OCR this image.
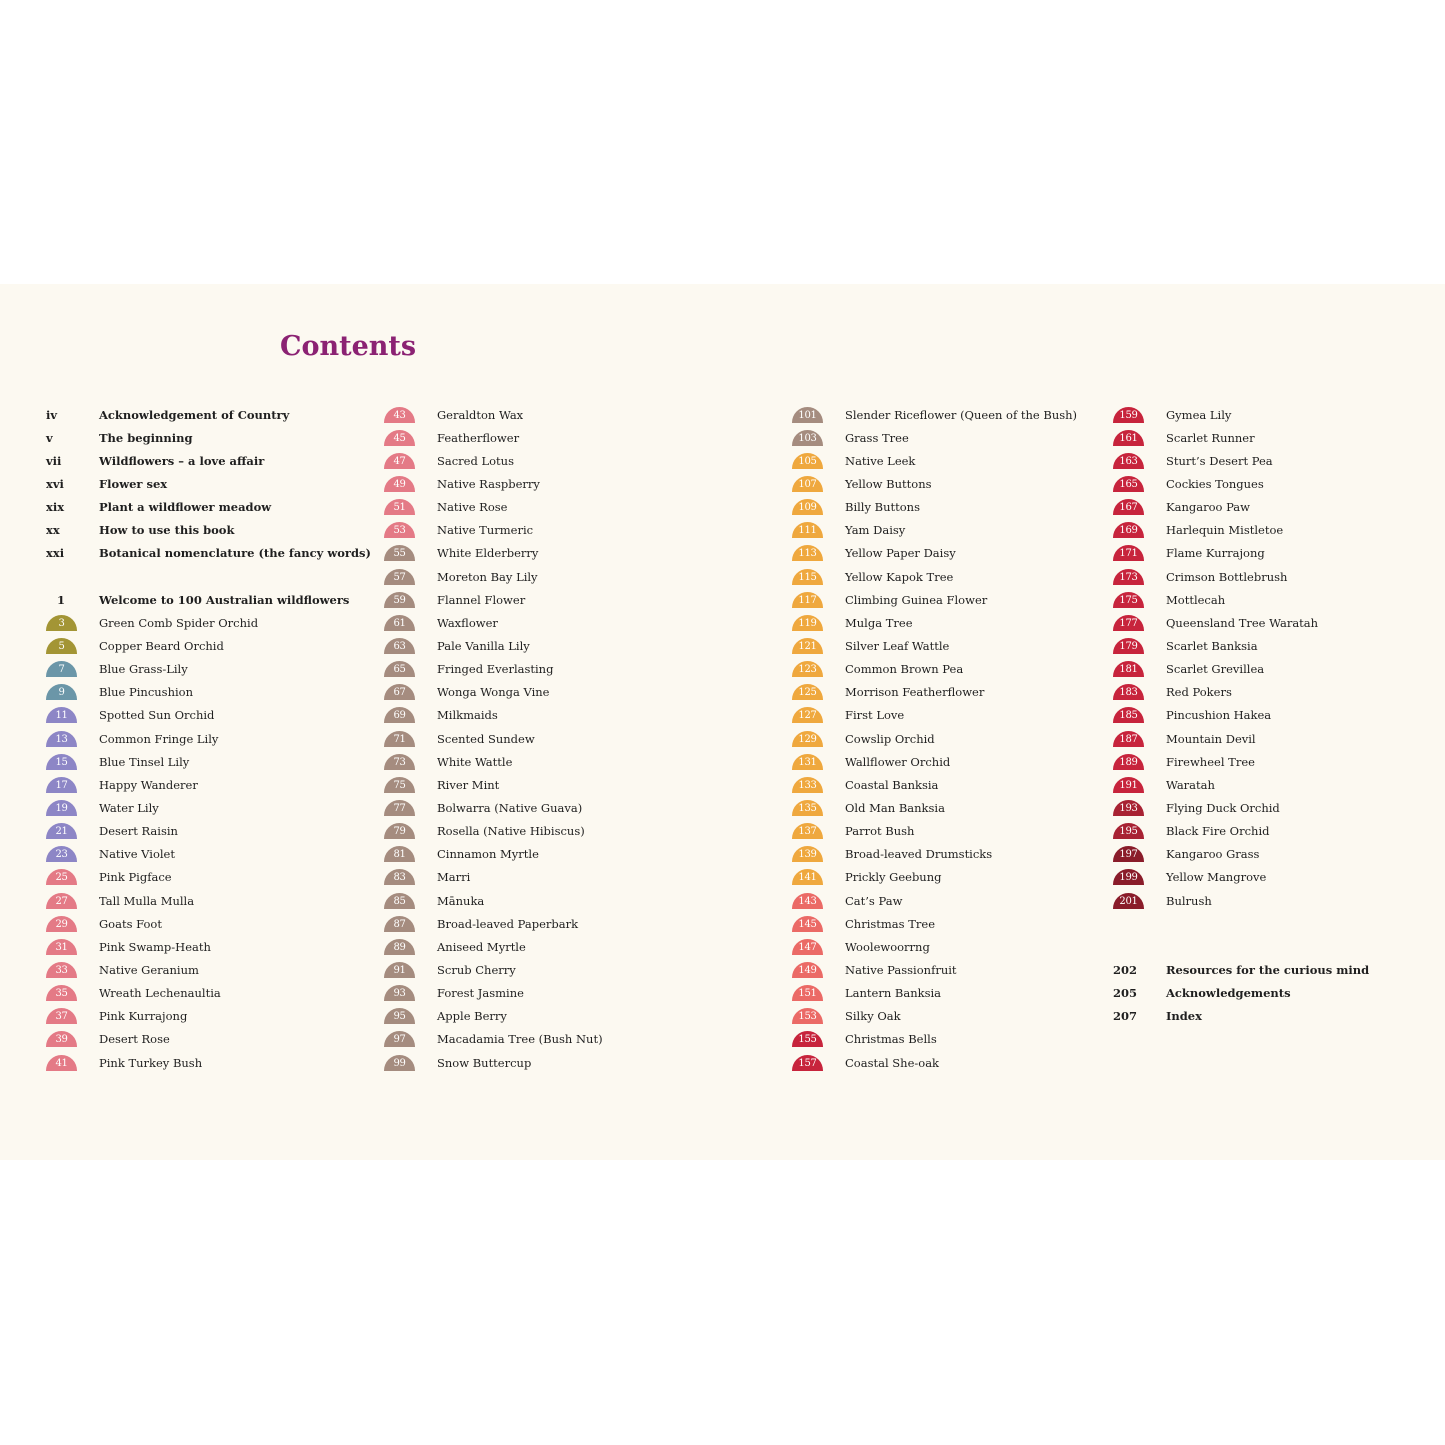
Contents
iv	Acknowledgement of Country
v	The beginning
vii	Wildflowers – a love affair
xvi	Flower sex
xix	Plant a wildflower meadow
xx	How to use this book
xxi	Botanical nomenclature (the fancy words)
1	Welcome to 100 Australian wildflowers
3	Green Comb Spider Orchid
5	Copper Beard Orchid
7	Blue Grass-Lily
9	Blue Pincushion
11	Spotted Sun Orchid
13	Common Fringe Lily
15	Blue Tinsel Lily
17	Happy Wanderer
19	Water Lily
21	Desert Raisin
23	Native Violet
25	Pink Pigface
27	Tall Mulla Mulla
29	Goats Foot
31	Pink Swamp-Heath
33	Native Geranium
35	Wreath Lechenaultia
37	Pink Kurrajong
39	Desert Rose
41	Pink Turkey Bush
43	Geraldton Wax
45	Featherflower
47	Sacred Lotus
49	Native Raspberry
51	Native Rose
53	Native Turmeric
55	White Elderberry
57	Moreton Bay Lily
59	Flannel Flower
61	Waxflower
63	Pale Vanilla Lily
65	Fringed Everlasting
67	Wonga Wonga Vine
69	Milkmaids
71	Scented Sundew
73	White Wattle
75	River Mint
77	Bolwarra (Native Guava)
79	Rosella (Native Hibiscus)
81	Cinnamon Myrtle
83	Marri
85	Mānuka
87	Broad-leaved Paperbark
89	Aniseed Myrtle
91	Scrub Cherry
93	Forest Jasmine
95	Apple Berry
97	Macadamia Tree (Bush Nut)
99	Snow Buttercup
101	Slender Riceflower (Queen of the Bush)
103	Grass Tree
105	Native Leek
107	Yellow Buttons
109	Billy Buttons
111	Yam Daisy
113	Yellow Paper Daisy
115	Yellow Kapok Tree
117	Climbing Guinea Flower
119	Mulga Tree
121	Silver Leaf Wattle
123	Common Brown Pea
125	Morrison Featherflower
127	First Love
129	Cowslip Orchid
131	Wallflower Orchid
133	Coastal Banksia
135	Old Man Banksia
137	Parrot Bush
139	Broad-leaved Drumsticks
141	Prickly Geebung
143	Cat’s Paw
145	Christmas Tree
147	Woolewoorrng
149	Native Passionfruit
151	Lantern Banksia
153	Silky Oak
155	Christmas Bells
157	Coastal She-oak
159	Gymea Lily
161	Scarlet Runner
163	Sturt’s Desert Pea
165	Cockies Tongues
167	Kangaroo Paw
169	Harlequin Mistletoe
171	Flame Kurrajong
173	Crimson Bottlebrush
175	Mottlecah
177	Queensland Tree Waratah
179	Scarlet Banksia
181	Scarlet Grevillea
183	Red Pokers
185	Pincushion Hakea
187	Mountain Devil
189	Firewheel Tree
191	Waratah
193	Flying Duck Orchid
195	Black Fire Orchid
197	Kangaroo Grass
199	Yellow Mangrove
201	Bulrush
202	Resources for the curious mind
205	Acknowledgements
207	Index
